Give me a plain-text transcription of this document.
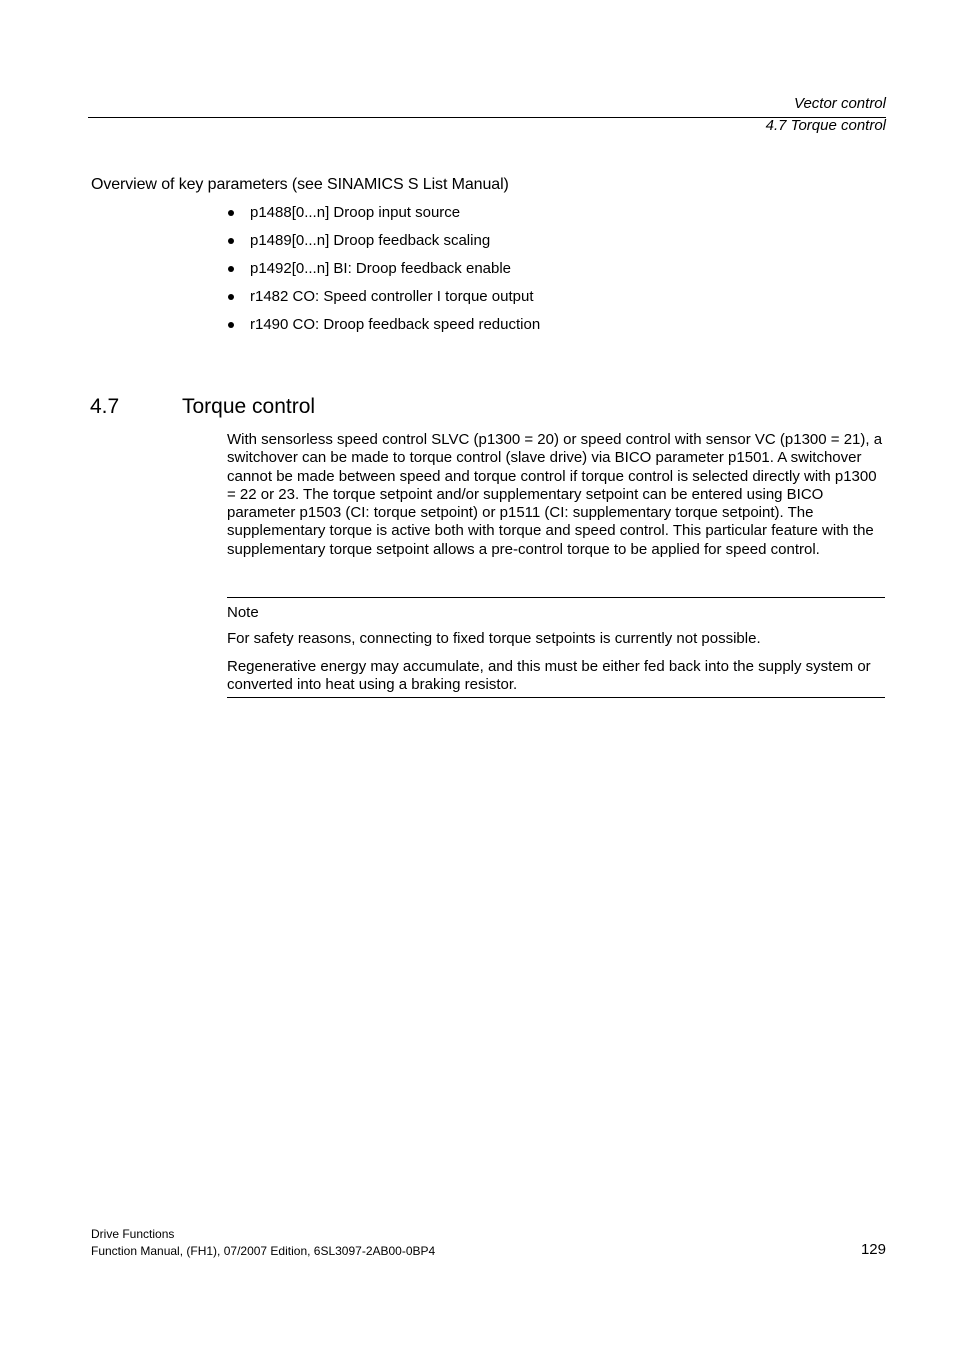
Vector control
4.7 Torque control
Overview of key parameters (see SINAMICS S List Manual)
p1488[0...n] Droop input source
p1489[0...n] Droop feedback scaling
p1492[0...n] BI: Droop feedback enable
r1482 CO: Speed controller I torque output
r1490 CO: Droop feedback speed reduction
4.7	Torque control

With sensorless speed control SLVC (p1300 = 20) or speed control with sensor VC (p1300 = 21), a switchover can be made to torque control (slave drive) via BICO parameter p1501. A switchover cannot be made between speed and torque control if torque control is selected directly with p1300 = 22 or 23. The torque setpoint and/or supplementary setpoint can be entered using BICO parameter p1503 (CI: torque setpoint) or p1511 (CI: supplementary torque setpoint). The supplementary torque is active both with torque and speed control. This particular feature with the supplementary torque setpoint allows a pre-control torque to be applied for speed control.

Note
For safety reasons, connecting to fixed torque setpoints is currently not possible.

Regenerative energy may accumulate, and this must be either fed back into the supply system or converted into heat using a braking resistor.

Drive Functions
Function Manual, (FH1), 07/2007 Edition, 6SL3097-2AB00-0BP4	129
